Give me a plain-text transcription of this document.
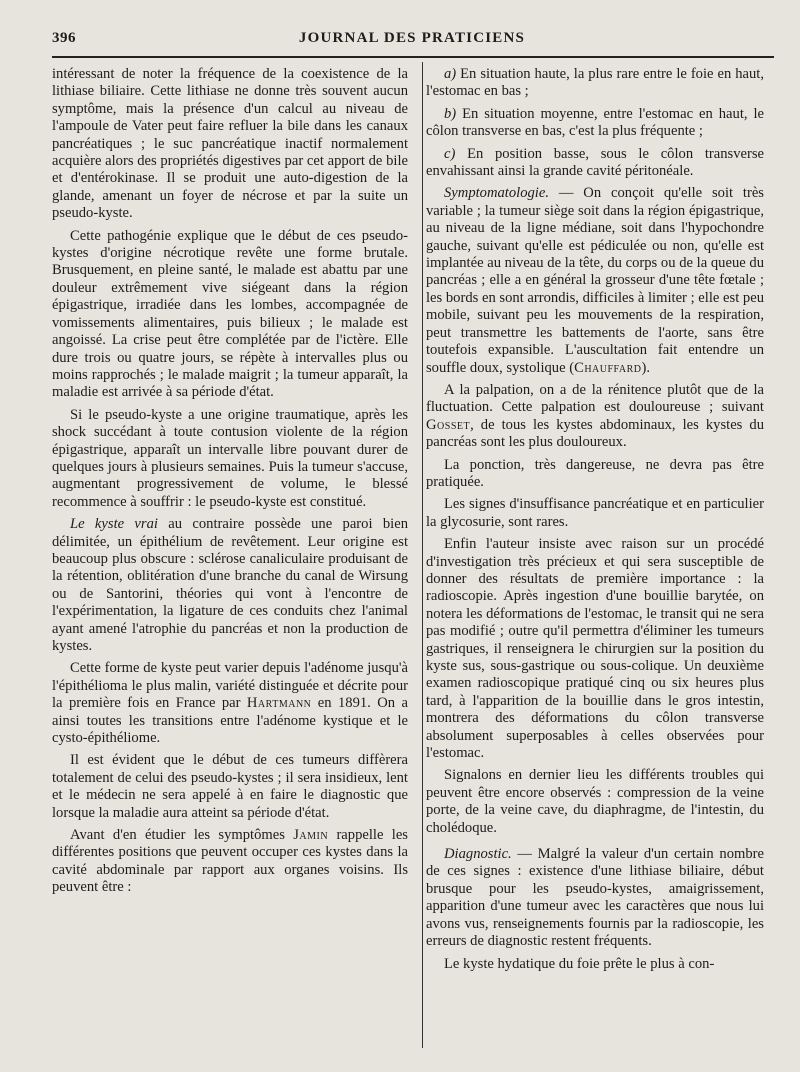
396	JOURNAL DES PRATICIENS

intéressant de noter la fréquence de la coexistence de la lithiase biliaire. Cette lithiase ne donne très souvent aucun symptôme, mais la présence d'un calcul au niveau de l'ampoule de Vater peut faire refluer la bile dans les canaux pancréatiques ; le suc pancréatique inactif normalement acquière alors des propriétés digestives par cet apport de bile et d'entérokinase. Il se produit une auto-digestion de la glande, amenant un foyer de nécrose et par la suite un pseudo-kyste.

Cette pathogénie explique que le début de ces pseudo-kystes d'origine nécrotique revête une forme brutale. Brusquement, en pleine santé, le malade est abattu par une douleur extrêmement vive siégeant dans la région épigastrique, irradiée dans les lombes, accompagnée de vomissements alimentaires, puis bilieux ; le malade est angoissé. La crise peut être complétée par de l'ictère. Elle dure trois ou quatre jours, se répète à intervalles plus ou moins rapprochés ; le malade maigrit ; la tumeur apparaît, la maladie est arrivée à sa période d'état.

Si le pseudo-kyste a une origine traumatique, après les shock succédant à toute contusion violente de la région épigastrique, apparaît un intervalle libre pouvant durer de quelques jours à plusieurs semaines. Puis la tumeur s'accuse, augmentant progressivement de volume, le blessé recommence à souffrir : le pseudo-kyste est constitué.

Le kyste vrai au contraire possède une paroi bien délimitée, un épithélium de revêtement. Leur origine est beaucoup plus obscure : sclérose canaliculaire produisant de la rétention, oblitération d'une branche du canal de Wirsung ou de Santorini, théories qui vont à l'encontre de l'expérimentation, la ligature de ces conduits chez l'animal ayant amené l'atrophie du pancréas et non la production de kystes.

Cette forme de kyste peut varier depuis l'adénome jusqu'à l'épithélioma le plus malin, variété distinguée et décrite pour la première fois en France par Hartmann en 1891. On a ainsi toutes les transitions entre l'adénome kystique et le cysto-épithéliome.

Il est évident que le début de ces tumeurs diffèrera totalement de celui des pseudo-kystes ; il sera insidieux, lent et le médecin ne sera appelé à en faire le diagnostic que lorsque la maladie aura atteint sa période d'état.

Avant d'en étudier les symptômes Jamin rappelle les différentes positions que peuvent occuper ces kystes dans la cavité abdominale par rapport aux organes voisins. Ils peuvent être :

a) En situation haute, la plus rare entre le foie en haut, l'estomac en bas ;

b) En situation moyenne, entre l'estomac en haut, le côlon transverse en bas, c'est la plus fréquente ;

c) En position basse, sous le côlon transverse envahissant ainsi la grande cavité péritonéale.

Symptomatologie. — On conçoit qu'elle soit très variable ; la tumeur siège soit dans la région épigastrique, au niveau de la ligne médiane, soit dans l'hypochondre gauche, suivant qu'elle est pédiculée ou non, qu'elle est implantée au niveau de la tête, du corps ou de la queue du pancréas ; elle a en général la grosseur d'une tête fœtale ; les bords en sont arrondis, difficiles à limiter ; elle est peu mobile, suivant peu les mouvements de la respiration, peut transmettre les battements de l'aorte, sans être toutefois expansible. L'auscultation fait entendre un souffle doux, systolique (Chauffard).

A la palpation, on a de la rénitence plutôt que de la fluctuation. Cette palpation est douloureuse ; suivant Gosset, de tous les kystes abdominaux, les kystes du pancréas sont les plus douloureux.

La ponction, très dangereuse, ne devra pas être pratiquée.

Les signes d'insuffisance pancréatique et en particulier la glycosurie, sont rares.

Enfin l'auteur insiste avec raison sur un procédé d'investigation très précieux et qui sera susceptible de donner des résultats de première importance : la radioscopie. Après ingestion d'une bouillie barytée, on notera les déformations de l'estomac, le transit qui ne sera pas modifié ; outre qu'il permettra d'éliminer les tumeurs gastriques, il renseignera le chirurgien sur la position du kyste sus, sous-gastrique ou sous-colique. Un deuxième examen radioscopique pratiqué cinq ou six heures plus tard, à l'apparition de la bouillie dans le gros intestin, montrera des déformations du côlon transverse absolument superposables à celles observées pour l'estomac.

Signalons en dernier lieu les différents troubles qui peuvent être encore observés : compression de la veine porte, de la veine cave, du diaphragme, de l'intestin, du cholédoque.

Diagnostic. — Malgré la valeur d'un certain nombre de ces signes : existence d'une lithiase biliaire, début brusque pour les pseudo-kystes, amaigrissement, apparition d'une tumeur avec les caractères que nous lui avons vus, renseignements fournis par la radioscopie, les erreurs de diagnostic restent fréquents.

Le kyste hydatique du foie prête le plus à con-
